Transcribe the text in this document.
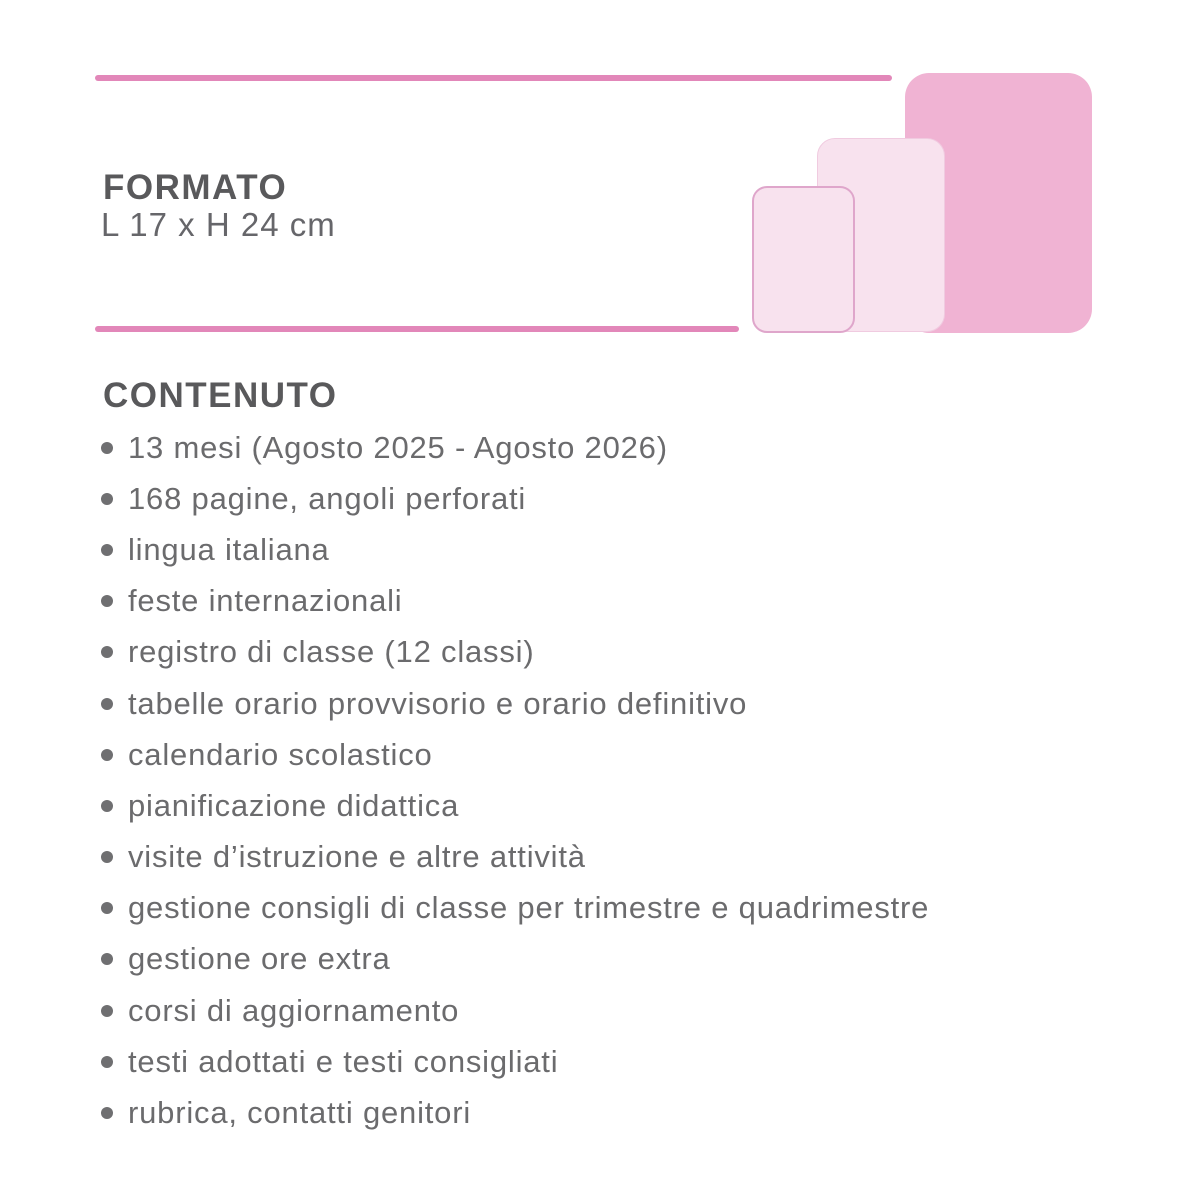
FORMATO
L 17 x H 24 cm
CONTENUTO
13 mesi (Agosto 2025 - Agosto 2026)
168 pagine, angoli perforati
lingua italiana
feste internazionali
registro di classe (12 classi)
tabelle orario provvisorio e orario definitivo
calendario scolastico
pianificazione didattica
visite d’istruzione e altre attività
gestione consigli di classe per trimestre e quadrimestre
gestione ore extra
corsi di aggiornamento
testi adottati e testi consigliati
rubrica, contatti genitori
